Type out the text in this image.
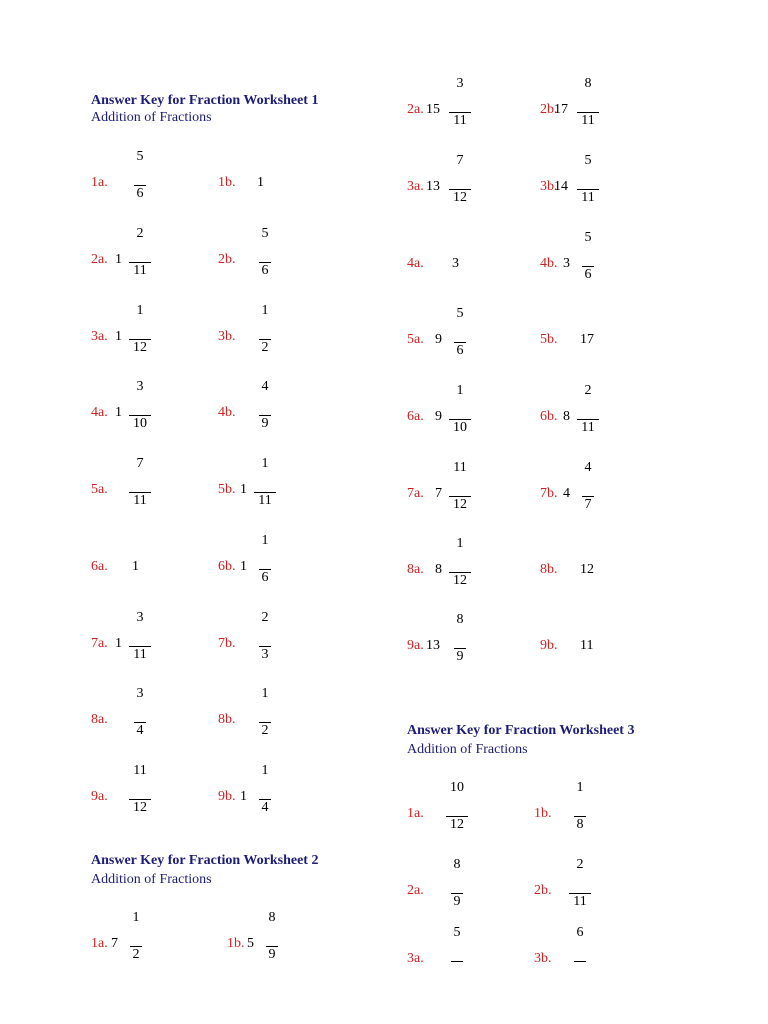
Answer Key for Fraction Worksheet 1
Addition of Fractions
Answer Key for Fraction Worksheet 2
Addition of Fractions
Answer Key for Fraction Worksheet 3
Addition of Fractions
1a.
5
6
1b. 1
2a. 1
2
11
2b.
5
6
3a. 1
1
12
3b.
1
2
4a. 1
3
10
4b.
4
9
5a.
7
11
5b. 1
1
11
6a. 1	6b. 1
1
6
7a. 1
3
11
7b.
2
3
8a.
3
4
8b.
1
2
9a.
11
12
9b. 1
1
4
1a. 7
1
2
1b. 5
8
9
2a. 15
3
11
2b.
17
8
11
3a. 13
7
12
3b.
14
5
11
4a. 3	4b. 3
5
6
5a. 9
5
6
5b. 17
6a. 9
1
10
6b. 8
2
11
7a. 7
11
12
7b. 4
4
7
8a. 8
1
12
8b. 12
9a. 13
8
9
9b. 11
1a.
10
12
1b.
1
8
2a.
8
9
2b.
2
11
3a.
5
3b.
6
